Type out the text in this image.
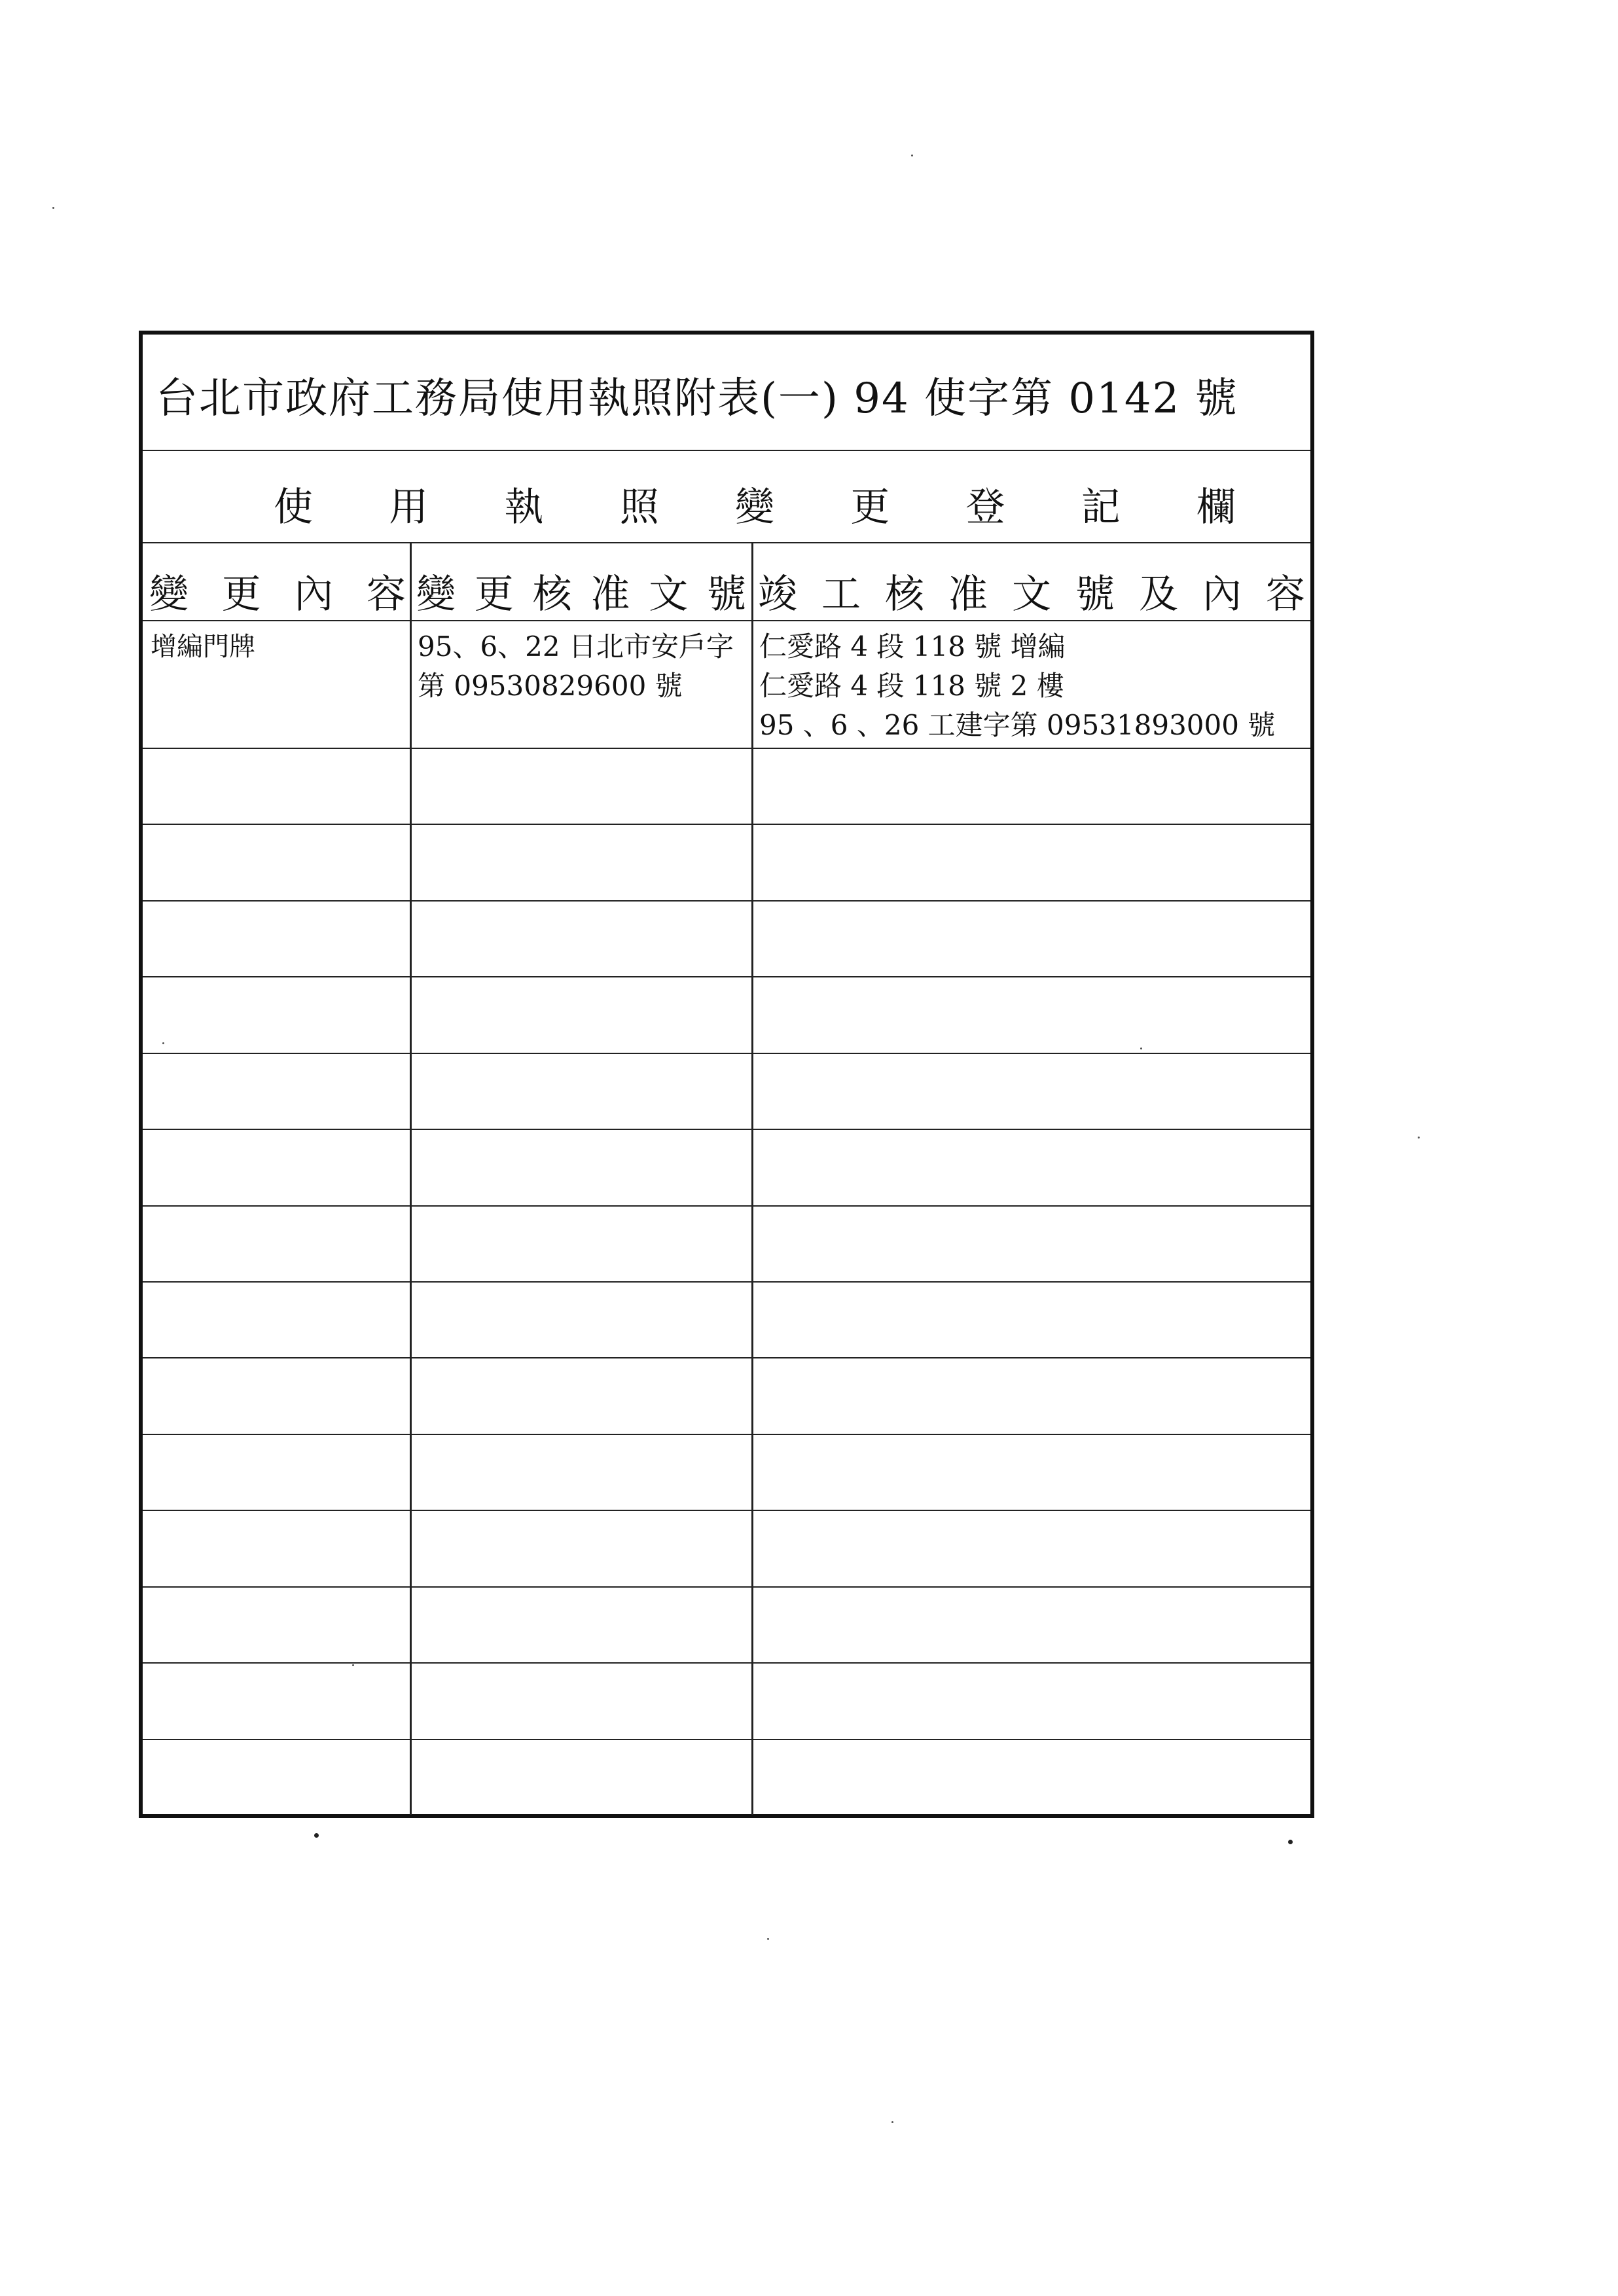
台北市政府工務局使用執照附表(一) 94 使字第 0142 號
使 用 執 照 變 更 登 記 欄
變 更 內 容 變 更 核 准 文 號 竣 工 核 准 文 號 及 內 容
增編門牌	95、6、22 日北市安戶字
第 09530829600 號
仁愛路 4 段 118 號 增編
仁愛路 4 段 118 號 2 樓
95 、6 、26 工建字第 09531893000 號
